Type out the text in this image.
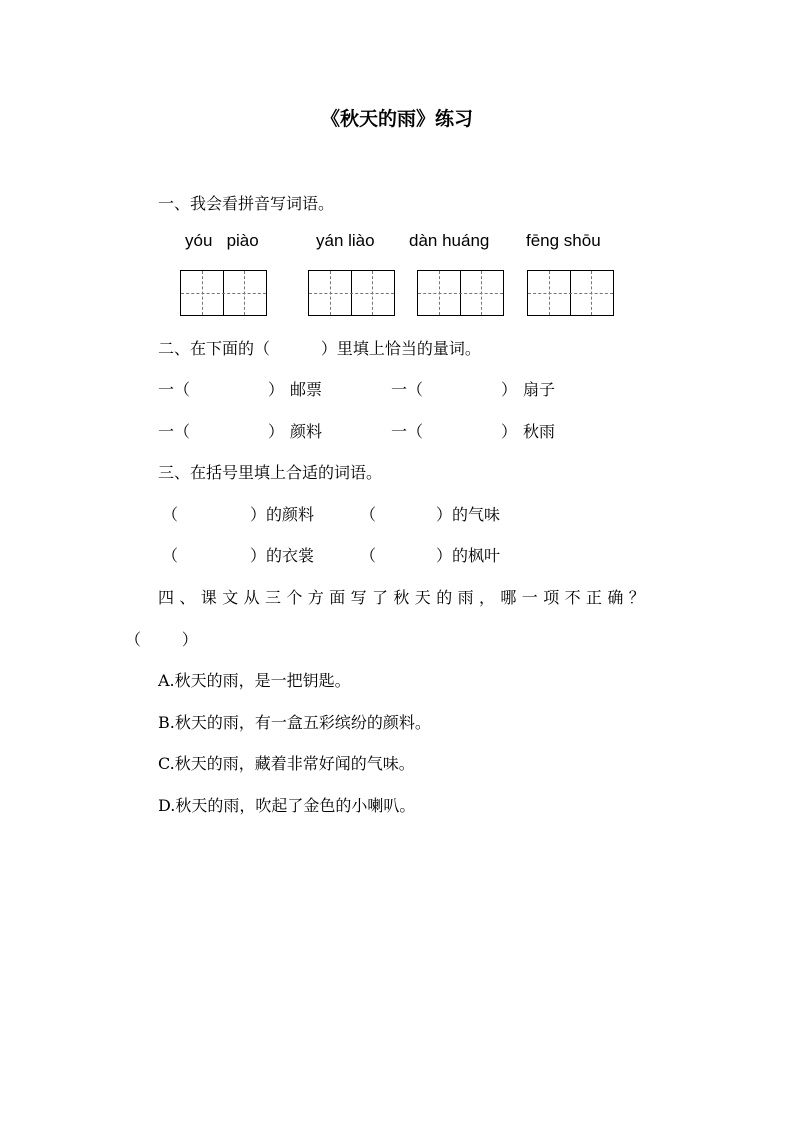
《秋天的雨》练习
一、我会看拼音写词语。
yóu   piào	yán liào dàn huáng fēng shōu
二、在下面的（          ）里填上恰当的量词。
一（	） 邮票	一（	） 扇子
一（	） 颜料	一（	） 秋雨
三、在括号里填上合适的词语。
（	）的颜料	（	）的气味
（	）的衣裳	（	）的枫叶
四、课文从三个方面写了秋天的雨，哪一项不正确？
（        ）
A.秋天的雨，是一把钥匙。
B.秋天的雨，有一盒五彩缤纷的颜料。
C.秋天的雨，藏着非常好闻的气味。
D.秋天的雨，吹起了金色的小喇叭。
